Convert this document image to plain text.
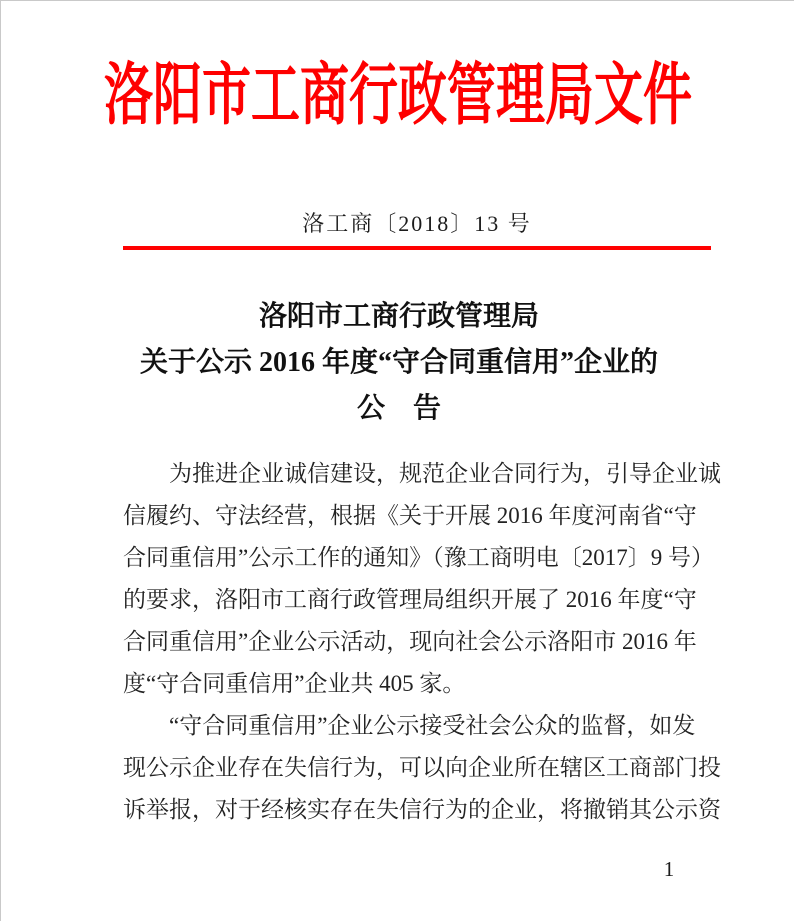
洛阳市工商行政管理局文件
洛工商〔2018〕13 号
洛阳市工商行政管理局
关于公示 2016 年度“守合同重信用”企业的
公　告
为推进企业诚信建设，规范企业合同行为，引导企业诚
信履约、守法经营，根据《关于开展 2016 年度河南省“守
合同重信用”公示工作的通知》（豫工商明电〔2017〕9 号）
的要求，洛阳市工商行政管理局组织开展了 2016 年度“守
合同重信用”企业公示活动，现向社会公示洛阳市 2016 年
度“守合同重信用”企业共 405 家。
“守合同重信用”企业公示接受社会公众的监督，如发
现公示企业存在失信行为，可以向企业所在辖区工商部门投
诉举报，对于经核实存在失信行为的企业，将撤销其公示资
1
